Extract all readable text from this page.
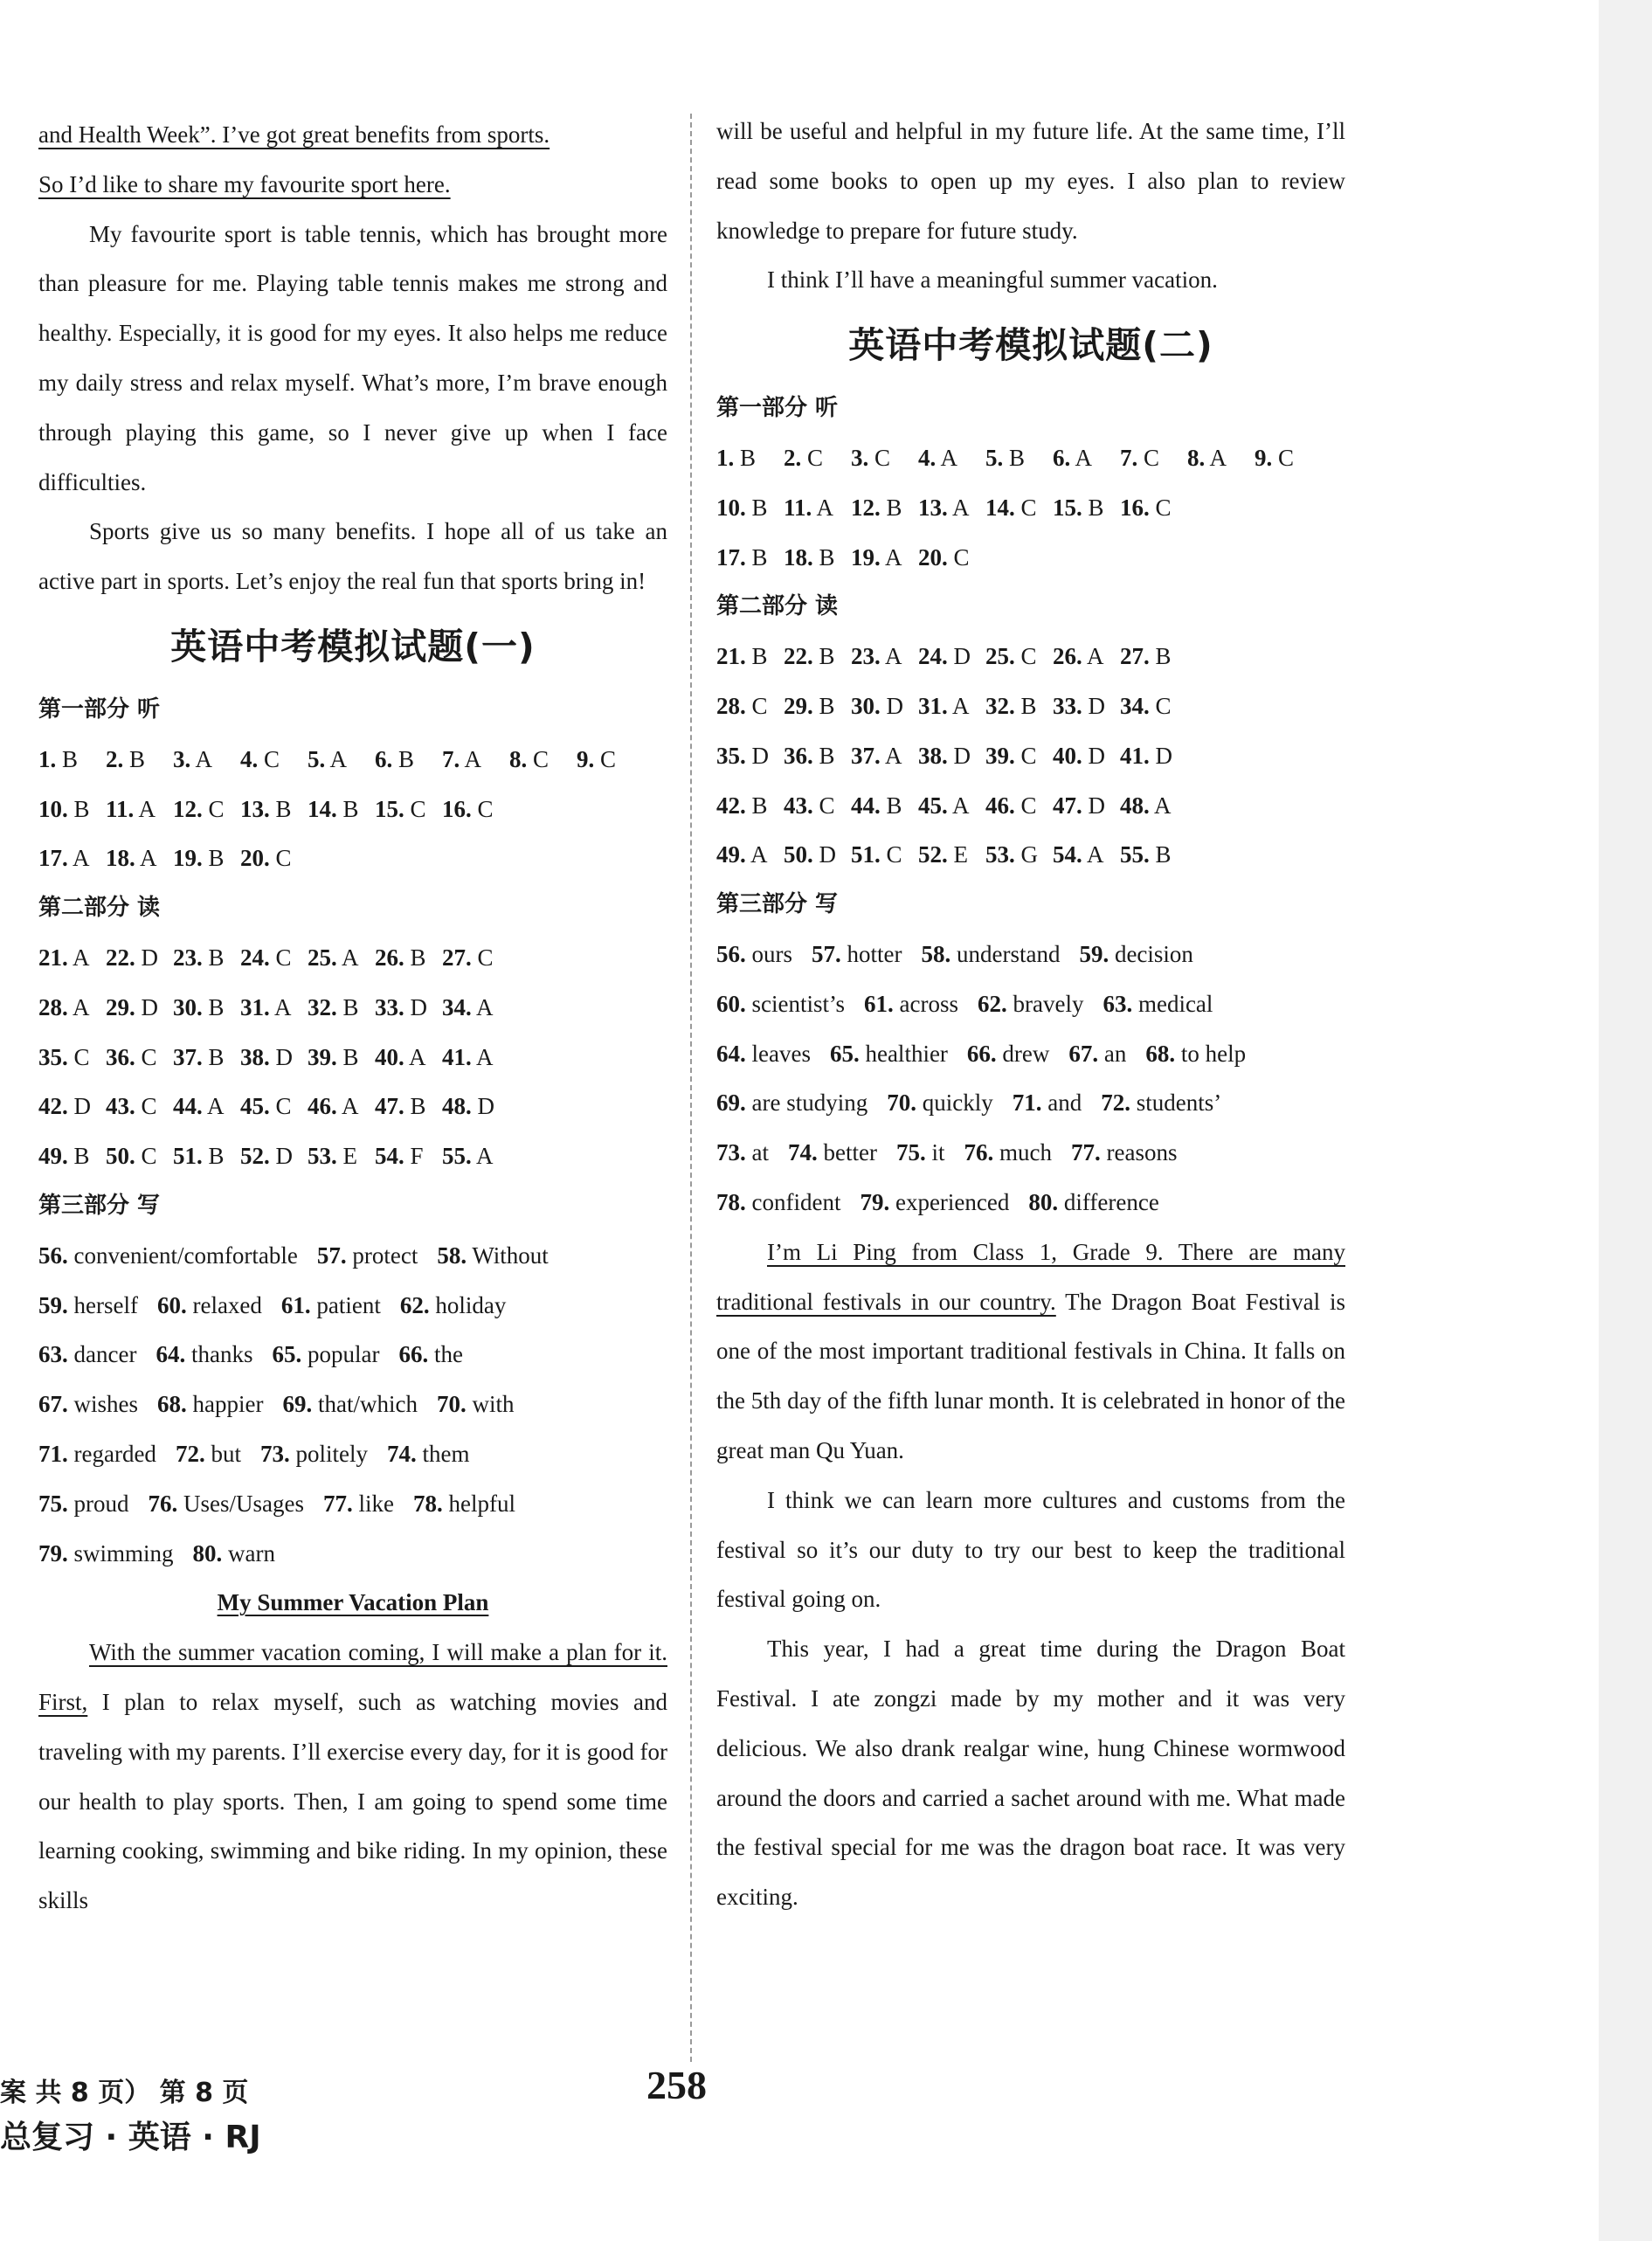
and Health Week”. I’ve got great benefits from sports.
So I’d like to share my favourite sport here.

My favourite sport is table tennis, which has brought more than pleasure for me. Playing table tennis makes me strong and healthy. Especially, it is good for my eyes. It also helps me reduce my daily stress and relax myself. What’s more, I’m brave enough through playing this game, so I never give up when I face difficulties.

Sports give us so many benefits. I hope all of us take an active part in sports. Let’s enjoy the real fun that sports bring in!

英语中考模拟试题(一)
第一部分 听
1. B 2. B 3. A 4. C 5. A 6. B 7. A 8. C 9. C
10. B 11. A 12. C 13. B 14. B 15. C 16. C
17. A 18. A 19. B 20. C
第二部分 读
21. A 22. D 23. B 24. C 25. A 26. B 27. C
28. A 29. D 30. B 31. A 32. B 33. D 34. A
35. C 36. C 37. B 38. D 39. B 40. A 41. A
42. D 43. C 44. A 45. C 46. A 47. B 48. D
49. B 50. C 51. B 52. D 53. E 54. F 55. A
第三部分 写
56. convenient/comfortable 57. protect 58. Without
59. herself 60. relaxed 61. patient 62. holiday
63. dancer 64. thanks 65. popular 66. the
67. wishes 68. happier 69. that/which 70. with
71. regarded 72. but 73. politely 74. them
75. proud 76. Uses/Usages 77. like 78. helpful
79. swimming 80. warn
My Summer Vacation Plan

With the summer vacation coming, I will make a plan for it. First, I plan to relax myself, such as watching movies and traveling with my parents. I’ll exercise every day, for it is good for our health to play sports. Then, I am going to spend some time learning cooking, swimming and bike riding. In my opinion, these skills

will be useful and helpful in my future life. At the same time, I’ll read some books to open up my eyes. I also plan to review knowledge to prepare for future study.

I think I’ll have a meaningful summer vacation.

英语中考模拟试题(二)
第一部分 听
1. B 2. C 3. C 4. A 5. B 6. A 7. C 8. A 9. C
10. B 11. A 12. B 13. A 14. C 15. B 16. C
17. B 18. B 19. A 20. C
第二部分 读
21. B 22. B 23. A 24. D 25. C 26. A 27. B
28. C 29. B 30. D 31. A 32. B 33. D 34. C
35. D 36. B 37. A 38. D 39. C 40. D 41. D
42. B 43. C 44. B 45. A 46. C 47. D 48. A
49. A 50. D 51. C 52. E 53. G 54. A 55. B
第三部分 写
56. ours 57. hotter 58. understand 59. decision
60. scientist’s 61. across 62. bravely 63. medical
64. leaves 65. healthier 66. drew 67. an 68. to help
69. are studying 70. quickly 71. and 72. students’
73. at 74. better 75. it 76. much 77. reasons
78. confident 79. experienced 80. difference

I’m Li Ping from Class 1, Grade 9. There are many traditional festivals in our country. The Dragon Boat Festival is one of the most important traditional festivals in China. It falls on the 5th day of the fifth lunar month. It is celebrated in honor of the great man Qu Yuan.

I think we can learn more cultures and customs from the festival so it’s our duty to try our best to keep the traditional festival going on.

This year, I had a great time during the Dragon Boat Festival. I ate zongzi made by my mother and it was very delicious. We also drank realgar wine, hung Chinese wormwood around the doors and carried a sachet around with me. What made the festival special for me was the dragon boat race. It was very exciting.

案 共 8 页） 第 8 页
总复习 · 英语 · RJ
258
